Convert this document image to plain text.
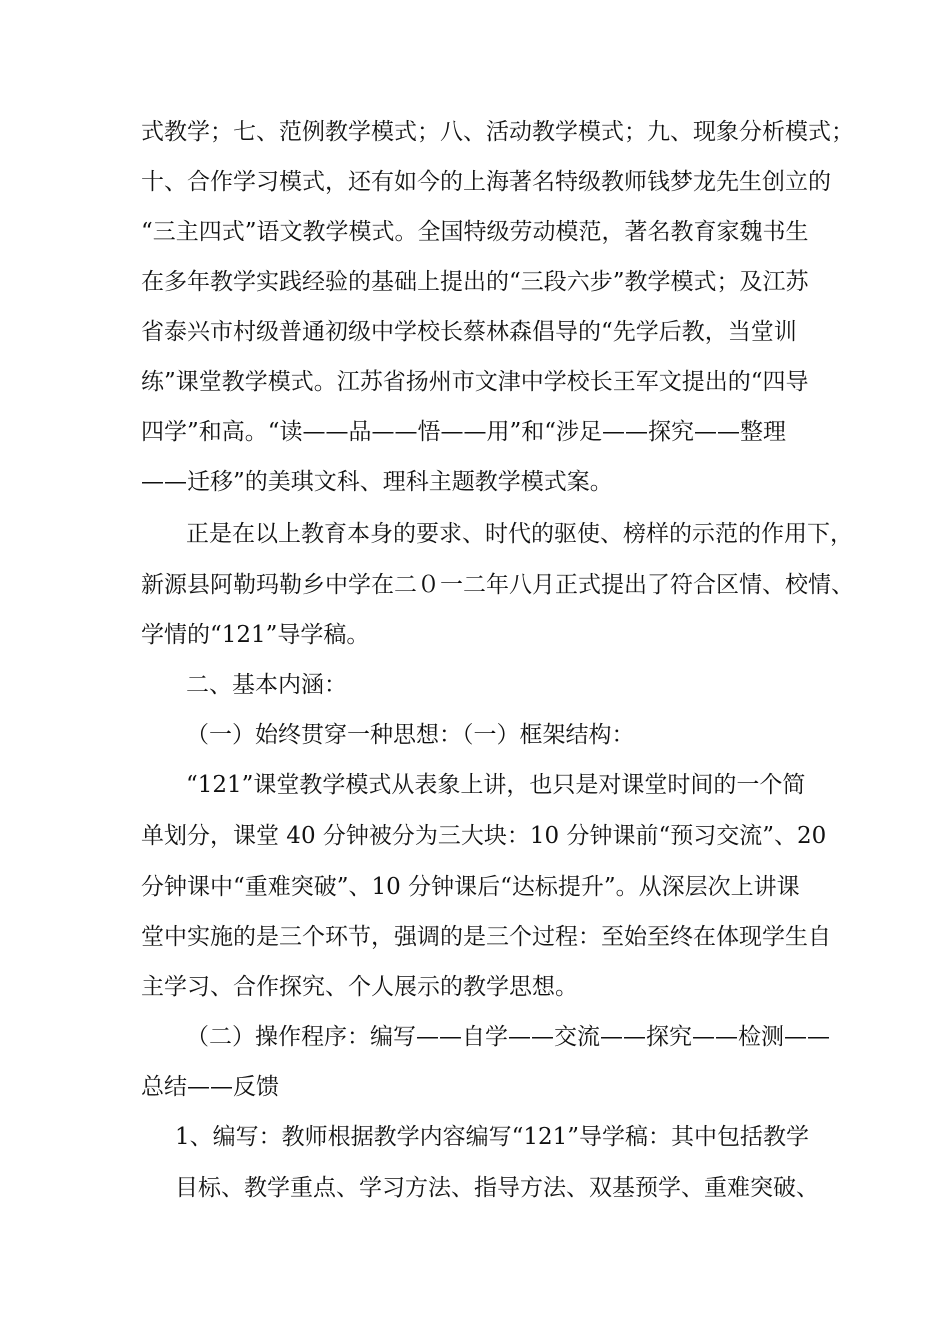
式教学；七、范例教学模式；八、活动教学模式；九、现象分析模式；
十、合作学习模式，还有如今的上海著名特级教师钱梦龙先生创立的
“三主四式”语文教学模式。全国特级劳动模范，著名教育家魏书生
在多年教学实践经验的基础上提出的“三段六步”教学模式；及江苏
省泰兴市村级普通初级中学校长蔡林森倡导的“先学后教，当堂训
练”课堂教学模式。江苏省扬州市文津中学校长王军文提出的“四导
四学”和高。“读——品——悟——用”和“涉足——探究——整理
——迁移”的美琪文科、理科主题教学模式案。
正是在以上教育本身的要求、时代的驱使、榜样的示范的作用下，
新源县阿勒玛勒乡中学在二０一二年八月正式提出了符合区情、校情、
学情的“121”导学稿。
二、基本内涵：
（一）始终贯穿一种思想：（一）框架结构：
“121”课堂教学模式从表象上讲，也只是对课堂时间的一个简
单划分，课堂 40 分钟被分为三大块：10 分钟课前“预习交流”、20
分钟课中“重难突破”、10 分钟课后“达标提升”。从深层次上讲课
堂中实施的是三个环节，强调的是三个过程：至始至终在体现学生自
主学习、合作探究、个人展示的教学思想。
（二）操作程序：编写——自学——交流——探究——检测——
总结——反馈
1、编写：教师根据教学内容编写“121”导学稿：其中包括教学
目标、教学重点、学习方法、指导方法、双基预学、重难突破、
